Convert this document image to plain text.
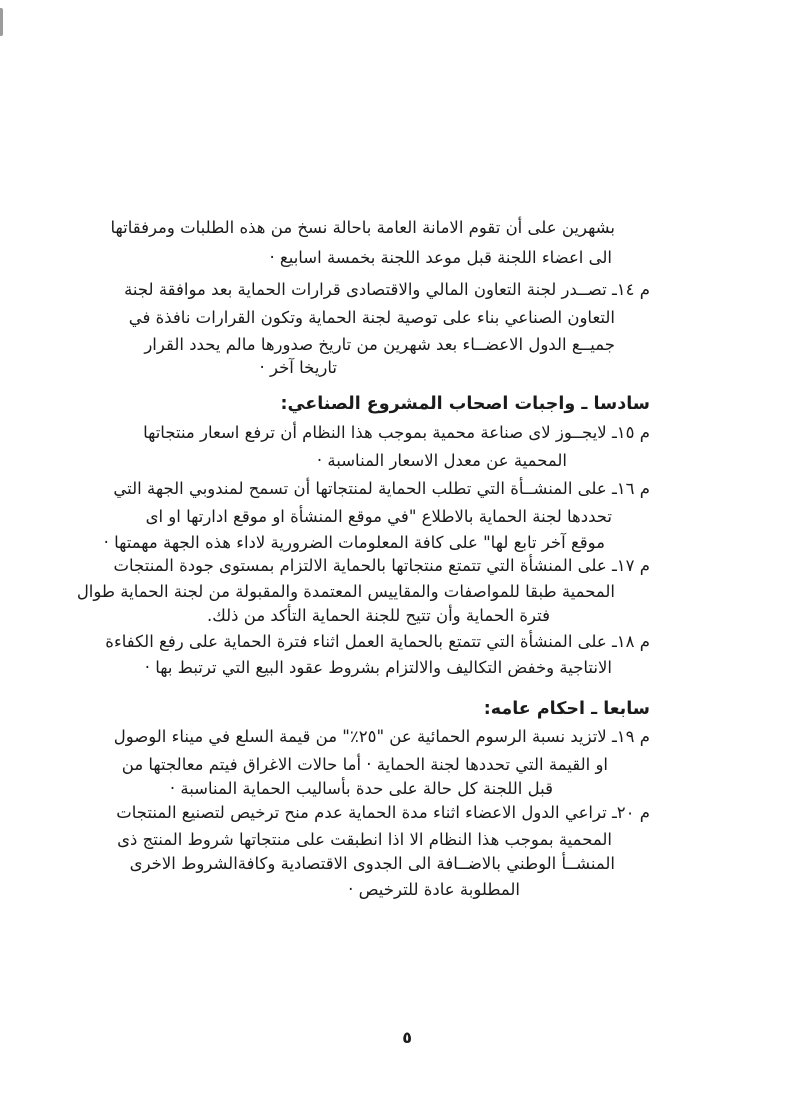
بشهرين على أن تقوم الامانة العامة باحالة نسخ من هذه الطلبات ومرفقاتها
الى اعضاء اللجنة قبل موعد اللجنة بخمسة اسابيع ·
م ١٤ـ تصــدر لجنة التعاون المالي والاقتصادى قرارات الحماية بعد موافقة لجنة
التعاون الصناعي بناء على توصية لجنة الحماية وتكون القرارات نافذة في
جميــع الدول الاعضــاء بعد شهرين من تاريخ صدورها مالم يحدد القرار
تاريخا آخر ·
سادسا ـ واجبات اصحاب المشروع الصناعي:
م ١٥ـ لايجــوز لاى صناعة محمية بموجب هذا النظام أن ترفع اسعار منتجاتها
المحمية عن معدل الاسعار المناسبة ·
م ١٦ـ على المنشــأة التي تطلب الحماية لمنتجاتها أن تسمح لمندوبي الجهة التي
تحددها لجنة الحماية بالاطلاع "في موقع المنشأة او موقع ادارتها او اى
موقع آخر تابع لها" على كافة المعلومات الضرورية لاداء هذه الجهة مهمتها ·
م ١٧ـ على المنشأة التي تتمتع منتجاتها بالحماية الالتزام بمستوى جودة المنتجات
المحمية طبقا للمواصفات والمقاييس المعتمدة والمقبولة من لجنة الحماية طوال
فترة الحماية وأن تتيح للجنة الحماية التأكد من ذلك.
م ١٨ـ على المنشأة التي تتمتع بالحماية العمل اثناء فترة الحماية على رفع الكفاءة
الانتاجية وخفض التكاليف والالتزام بشروط عقود البيع التي ترتبط بها ·
سابعا ـ احكام عامه:
م ١٩ـ لاتزيد نسبة الرسوم الحمائية عن "٢٥٪" من قيمة السلع في ميناء الوصول
او القيمة التي تحددها لجنة الحماية · أما حالات الاغراق فيتم معالجتها من
قبل اللجنة كل حالة على حدة بأساليب الحماية المناسبة ·
م ٢٠ـ تراعي الدول الاعضاء اثناء مدة الحماية عدم منح ترخيص لتصنيع المنتجات
المحمية بموجب هذا النظام الا اذا انطبقت على منتجاتها شروط المنتج ذى
المنشــأ الوطني بالاضــافة الى الجدوى الاقتصادية وكافةالشروط الاخرى
المطلوبة عادة للترخيص ·
٥
